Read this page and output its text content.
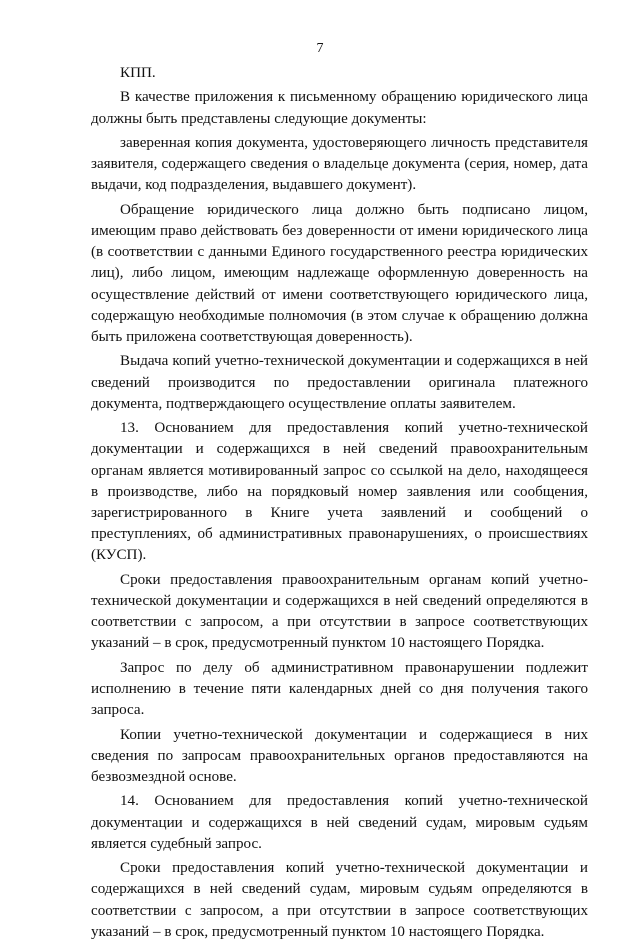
7

КПП.

В качестве приложения к письменному обращению юридического лица должны быть представлены следующие документы:

заверенная копия документа, удостоверяющего личность представителя заявителя, содержащего сведения о владельце документа (серия, номер, дата выдачи, код подразделения, выдавшего документ).

Обращение юридического лица должно быть подписано лицом, имеющим право действовать без доверенности от имени юридического лица (в соответствии с данными Единого государственного реестра юридических лиц), либо лицом, имеющим надлежаще оформленную доверенность на осуществление действий от имени соответствующего юридического лица, содержащую необходимые полномочия (в этом случае к обращению должна быть приложена соответствующая доверенность).

Выдача копий учетно-технической документации и содержащихся в ней сведений производится по предоставлении оригинала платежного документа, подтверждающего осуществление оплаты заявителем.

13. Основанием для предоставления копий учетно-технической документации и содержащихся в ней сведений правоохранительным органам является мотивированный запрос со ссылкой на дело, находящееся в производстве, либо на порядковый номер заявления или сообщения, зарегистрированного в Книге учета заявлений и сообщений о преступлениях, об административных правонарушениях, о происшествиях (КУСП).

Сроки предоставления правоохранительным органам копий учетно-технической документации и содержащихся в ней сведений определяются в соответствии с запросом, а при отсутствии в запросе соответствующих указаний – в срок, предусмотренный пунктом 10 настоящего Порядка.

Запрос по делу об административном правонарушении подлежит исполнению в течение пяти календарных дней со дня получения такого запроса.

Копии учетно-технической документации и содержащиеся в них сведения по запросам правоохранительных органов предоставляются на безвозмездной основе.

14. Основанием для предоставления копий учетно-технической документации и содержащихся в ней сведений судам, мировым судьям является судебный запрос.

Сроки предоставления копий учетно-технической документации и содержащихся в ней сведений судам, мировым судьям определяются в соответствии с запросом, а при отсутствии в запросе соответствующих указаний – в срок, предусмотренный пунктом 10 настоящего Порядка.
